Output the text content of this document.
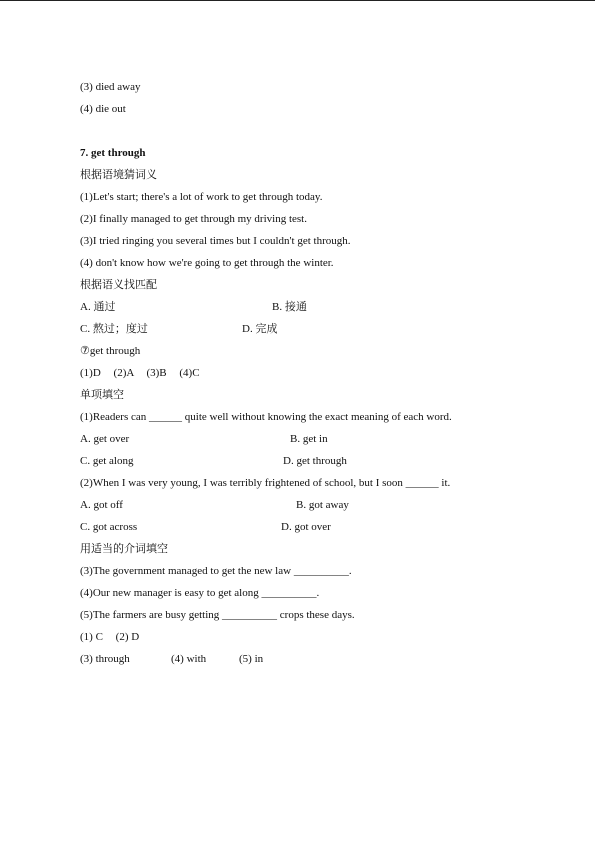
(3) died away
(4) die out
7. get through
根据语境猜词义
(1)Let's start; there's a lot of work to get through today.
(2)I finally managed to get through my driving test.
(3)I tried ringing you several times but I couldn't get through.
(4) don't know how we're going to get through the winter.
根据语义找匹配
A. 通过	B. 接通
C. 熬过；度过	D. 完成
⑦get through
(1)D (2)A (3)B (4)C
单项填空
(1)Readers can ______ quite well without knowing the exact meaning of each word.
A. get over	B. get in
C. get along	D. get through
(2)When I was very young, I was terribly frightened of school, but I soon ______ it.
A. got off	B. got away
C. got across	D. got over
用适当的介词填空
(3)The government managed to get the new law __________.
(4)Our new manager is easy to get along __________.
(5)The farmers are busy getting __________ crops these days.
(1) C (2) D
(3) through	(4) with	(5) in
